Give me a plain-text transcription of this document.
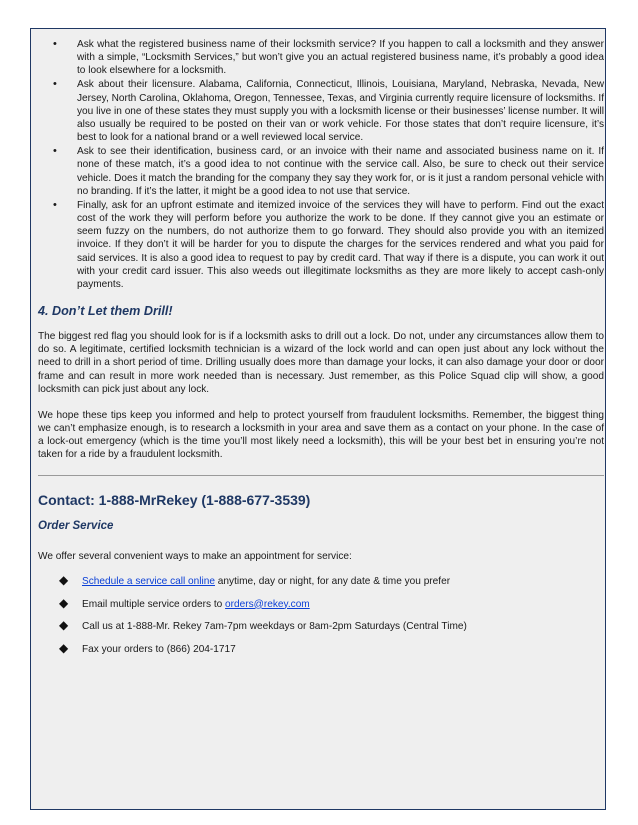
• Ask what the registered business name of their locksmith service? If you happen to call a locksmith and they answer with a simple, “Locksmith Services,” but won’t give you an actual registered business name, it’s probably a good idea to look elsewhere for a locksmith.
• Ask about their licensure. Alabama, California, Connecticut, Illinois, Louisiana, Maryland, Nebraska, Nevada, New Jersey, North Carolina, Oklahoma, Oregon, Tennessee, Texas, and Virginia currently require licensure of locksmiths. If you live in one of these states they must supply you with a locksmith license or their businesses’ license number. It will also usually be required to be posted on their van or work vehicle. For those states that don’t require licensure, it’s best to look for a national brand or a well reviewed local service.
• Ask to see their identification, business card, or an invoice with their name and associated business name on it. If none of these match, it’s a good idea to not continue with the service call. Also, be sure to check out their service vehicle. Does it match the branding for the company they say they work for, or is it just a random personal vehicle with no branding. If it’s the latter, it might be a good idea to not use that service.
• Finally, ask for an upfront estimate and itemized invoice of the services they will have to perform. Find out the exact cost of the work they will perform before you authorize the work to be done. If they cannot give you an estimate or seem fuzzy on the numbers, do not authorize them to go forward. They should also provide you with an itemized invoice. If they don’t it will be harder for you to dispute the charges for the services rendered and what you paid for said services. It is also a good idea to request to pay by credit card. That way if there is a dispute, you can work it out with your credit card issuer. This also weeds out illegitimate locksmiths as they are more likely to accept cash-only payments.
4. Don’t Let them Drill!

The biggest red flag you should look for is if a locksmith asks to drill out a lock. Do not, under any circumstances allow them to do so. A legitimate, certified locksmith technician is a wizard of the lock world and can open just about any lock without the need to drill in a short period of time. Drilling usually does more than damage your locks, it can also damage your door or door frame and can result in more work needed than is necessary. Just remember, as this Police Squad clip will show, a good locksmith can pick just about any lock.

We hope these tips keep you informed and help to protect yourself from fraudulent locksmiths. Remember, the biggest thing we can’t emphasize enough, is to research a locksmith in your area and save them as a contact on your phone. In the case of a lock-out emergency (which is the time you’ll most likely need a locksmith), this will be your best bet in ensuring you’re not taken for a ride by a fraudulent locksmith.

Contact: 1-888-MrRekey (1-888-677-3539)
Order Service

We offer several convenient ways to make an appointment for service:

◆ Schedule a service call online anytime, day or night, for any date & time you prefer
◆ Email multiple service orders to orders@rekey.com
◆ Call us at 1-888-Mr. Rekey 7am-7pm weekdays or 8am-2pm Saturdays (Central Time)
◆ Fax your orders to (866) 204-1717
